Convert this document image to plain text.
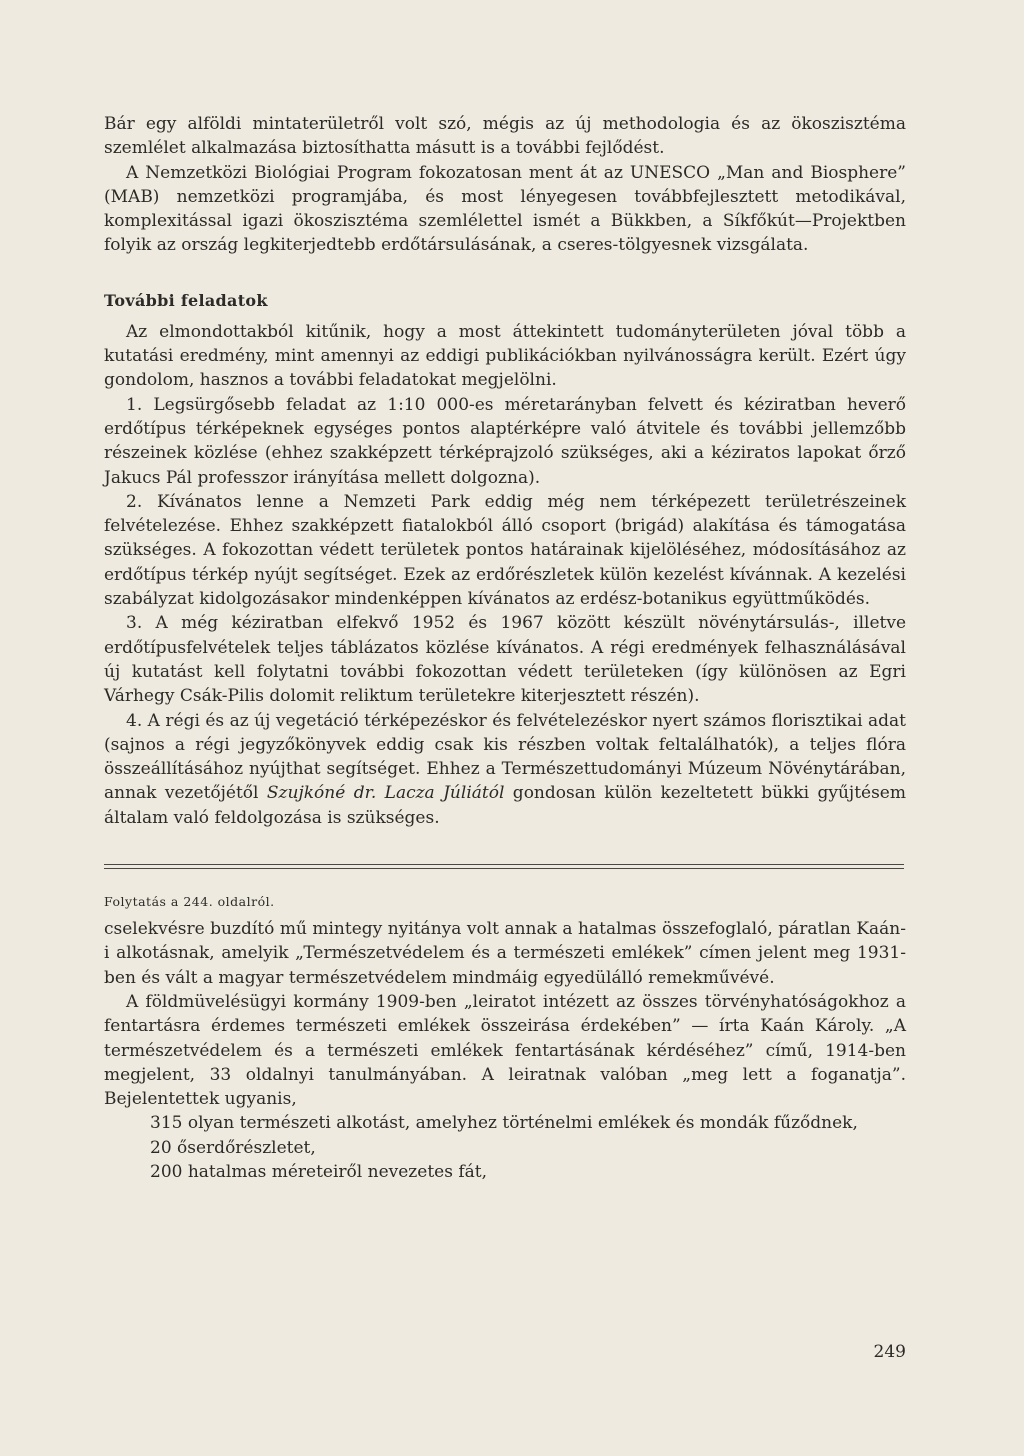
Bár egy alföldi mintaterületről volt szó, mégis az új methodologia és az ökoszisztéma szemlélet alkalmazása biztosíthatta másutt is a további fejlődést.

A Nemzetközi Biológiai Program fokozatosan ment át az UNESCO „Man and Biosphere” (MAB) nemzetközi programjába, és most lényegesen továbbfejlesztett metodikával, komplexitással igazi ökoszisztéma szemlélettel ismét a Bükkben, a Síkfőkút—Projektben folyik az ország legkiterjedtebb erdőtársulásának, a cseres-tölgyesnek vizsgálata.

További feladatok

Az elmondottakból kitűnik, hogy a most áttekintett tudományterületen jóval több a kutatási eredmény, mint amennyi az eddigi publikációkban nyilvánosságra került. Ezért úgy gondolom, hasznos a további feladatokat megjelölni.

1. Legsürgősebb feladat az 1:10 000-es méretarányban felvett és kéziratban heverő erdőtípus térképeknek egységes pontos alaptérképre való átvitele és további jellemzőbb részeinek közlése (ehhez szakképzett térképrajzoló szükséges, aki a kéziratos lapokat őrző Jakucs Pál professzor irányítása mellett dolgozna).

2. Kívánatos lenne a Nemzeti Park eddig még nem térképezett területrészeinek felvételezése. Ehhez szakképzett fiatalokból álló csoport (brigád) alakítása és támogatása szükséges. A fokozottan védett területek pontos határainak kijelöléséhez, módosításához az erdőtípus térkép nyújt segítséget. Ezek az erdőrészletek külön kezelést kívánnak. A kezelési szabályzat kidolgozásakor mindenképpen kívánatos az erdész-botanikus együttműködés.

3. A még kéziratban elfekvő 1952 és 1967 között készült növénytársulás-, illetve erdőtípusfelvételek teljes táblázatos közlése kívánatos. A régi eredmények felhasználásával új kutatást kell folytatni további fokozottan védett területeken (így különösen az Egri Várhegy Csák-Pilis dolomit reliktum területekre kiterjesztett részén).

4. A régi és az új vegetáció térképezéskor és felvételezéskor nyert számos florisztikai adat (sajnos a régi jegyzőkönyvek eddig csak kis részben voltak feltalálhatók), a teljes flóra összeállításához nyújthat segítséget. Ehhez a Természettudományi Múzeum Növénytárában, annak vezetőjétől Szujkóné dr. Lacza Júliától gondosan külön kezeltetett bükki gyűjtésem általam való feldolgozása is szükséges.

Folytatás a 244. oldalról.

cselekvésre buzdító mű mintegy nyitánya volt annak a hatalmas összefoglaló, páratlan Kaán-i alkotásnak, amelyik „Természetvédelem és a természeti emlékek” címen jelent meg 1931-ben és vált a magyar természetvédelem mindmáig egyedülálló remekművévé.

A földmüvelésügyi kormány 1909-ben „leiratot intézett az összes törvényhatóságokhoz a fentartásra érdemes természeti emlékek összeirása érdekében” — írta Kaán Károly. „A természetvédelem és a természeti emlékek fentartásának kérdéséhez” című, 1914-ben megjelent, 33 oldalnyi tanulmányában. A leiratnak valóban „meg lett a foganatja”. Bejelentettek ugyanis,

315 olyan természeti alkotást, amelyhez történelmi emlékek és mondák fűződnek,

20 őserdőrészletet,

200 hatalmas méreteiről nevezetes fát,

249
